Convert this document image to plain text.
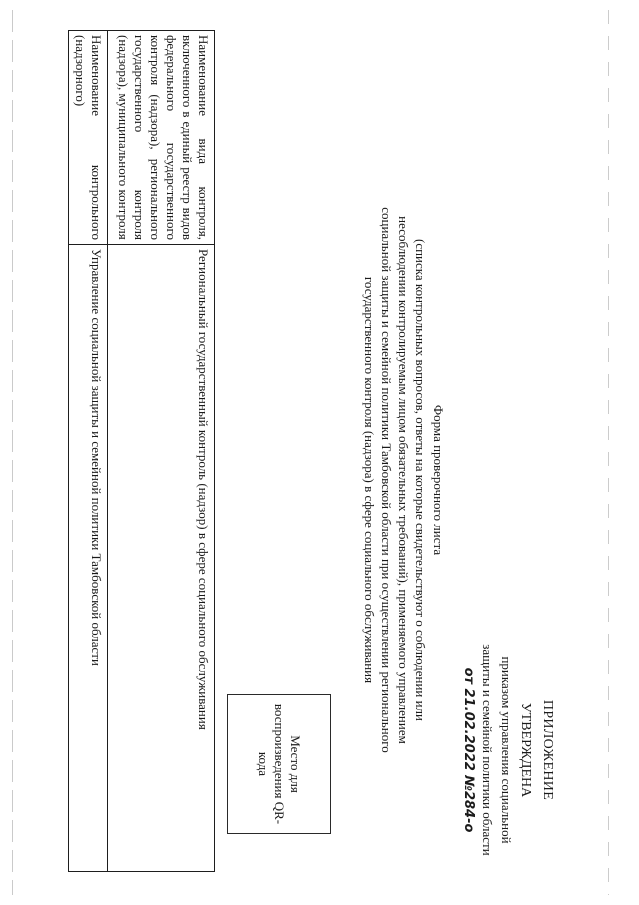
ПРИЛОЖЕНИЕ
УТВЕРЖДЕНА
приказом управления социальной
защиты и семейной политики области
от 21.02.2022 №284-о
Место для воспроизведения QR-кода
Форма проверочного листа
(списка контрольных вопросов, ответы на которые свидетельствуют о соблюдении или несоблюдении контролируемым лицом обязательных требований), применяемого управлением социальной защиты и семейной политики Тамбовской области при осуществлении регионального государственного контроля (надзора) в сфере социального обслуживания
Наименование вида контроля, включенного в единый реестр видов федерального государственного контроля (надзора), регионального государственного контроля (надзора), муниципального контроля	Региональный государственный контроль (надзор) в сфере социального обслуживания
Наименование контрольного (надзорного)	Управление социальной защиты и семейной политики Тамбовской области
